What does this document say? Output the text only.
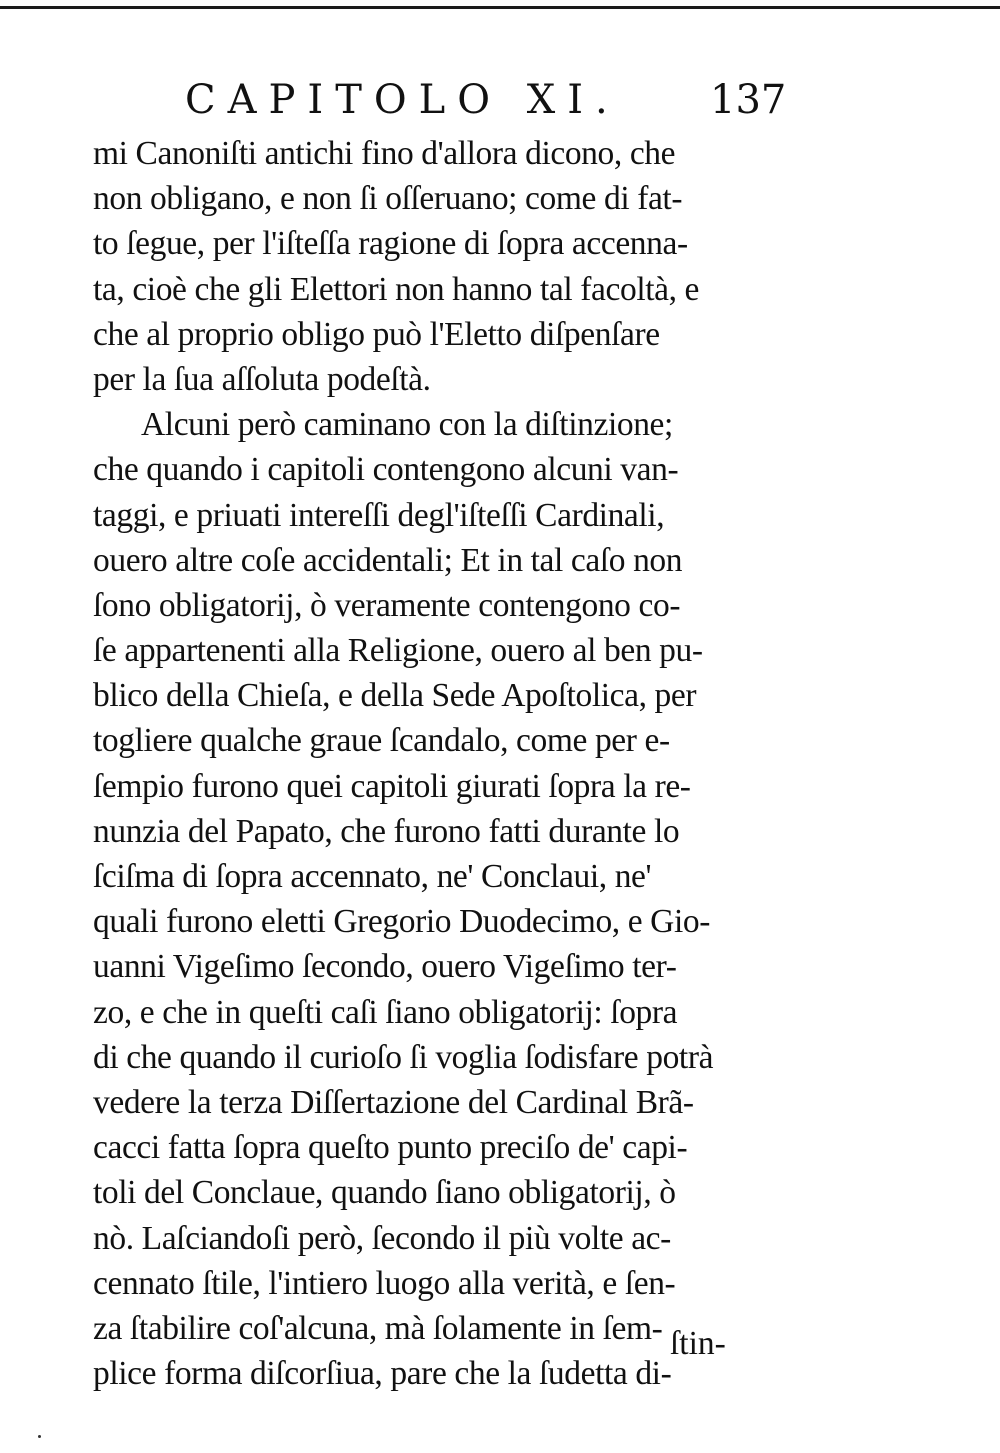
CAPITOLO XI. 137
mi Canoniſti antichi fino d'allora dicono, che
non obligano, e non ſi oſſeruano; come di fat-
to ſegue, per l'iſteſſa ragione di ſopra accenna-
ta, cioè che gli Elettori non hanno tal facoltà, e
che al proprio obligo può l'Eletto diſpenſare
per la ſua aſſoluta podeſtà.
Alcuni però caminano con la diſtinzione;
che quando i capitoli contengono alcuni van-
taggi, e priuati intereſſi degl'iſteſſi Cardinali,
ouero altre coſe accidentali; Et in tal caſo non
ſono obligatorij, ò veramente contengono co-
ſe appartenenti alla Religione, ouero al ben pu-
blico della Chieſa, e della Sede Apoſtolica, per
togliere qualche graue ſcandalo, come per e-
ſempio furono quei capitoli giurati ſopra la re-
nunzia del Papato, che furono fatti durante lo
ſciſma di ſopra accennato, ne' Conclaui, ne'
quali furono eletti Gregorio Duodecimo, e Gio-
uanni Vigeſimo ſecondo, ouero Vigeſimo ter-
zo, e che in queſti caſi ſiano obligatorij: ſopra
di che quando il curioſo ſi voglia ſodisfare potrà
vedere la terza Diſſertazione del Cardinal Brã-
cacci fatta ſopra queſto punto preciſo de' capi-
toli del Conclaue, quando ſiano obligatorij, ò
nò. Laſciandoſi però, ſecondo il più volte ac-
cennato ſtile, l'intiero luogo alla verità, e ſen-
za ſtabilire coſ'alcuna, mà ſolamente in ſem-
plice forma diſcorſiua, pare che la ſudetta di-
ſtin-
